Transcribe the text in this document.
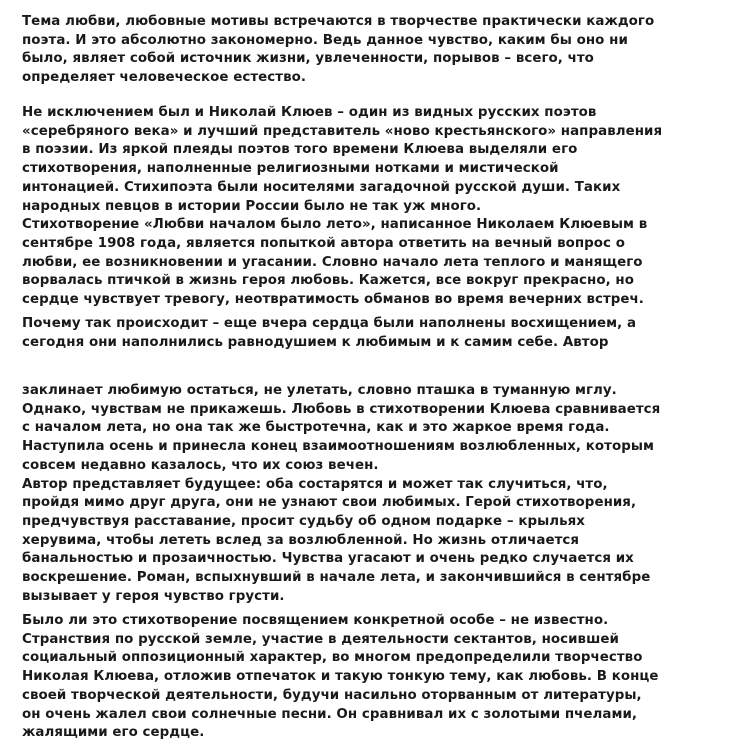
Тема любви, любовные мотивы встречаются в творчестве практически каждого
поэта. И это абсолютно закономерно. Ведь данное чувство, каким бы оно ни
было, являет собой источник жизни, увлеченности, порывов – всего, что
определяет человеческое естество.

Не исключением был и Николай Клюев – один из видных русских поэтов
«серебряного века» и лучший представитель «ново крестьянского» направления
в поэзии. Из яркой плеяды поэтов того времени Клюева выделяли его
стихотворения, наполненные религиозными нотками и мистической
интонацией. Стихипоэта были носителями загадочной русской души. Таких
народных певцов в истории России было не так уж много.
Стихотворение «Любви началом было лето», написанное Николаем Клюевым в
сентябре 1908 года, является попыткой автора ответить на вечный вопрос о
любви, ее возникновении и угасании. Словно начало лета теплого и манящего
ворвалась птичкой в жизнь героя любовь. Кажется, все вокруг прекрасно, но
сердце чувствует тревогу, неотвратимость обманов во время вечерних встреч.

Почему так происходит – еще вчера сердца были наполнены восхищением, а
сегодня они наполнились равнодушием к любимым и к самим себе. Автор

заклинает любимую остаться, не улетать, словно пташка в туманную мглу.
Однако, чувствам не прикажешь. Любовь в стихотворении Клюева сравнивается
с началом лета, но она так же быстротечна, как и это жаркое время года.
Наступила осень и принесла конец взаимоотношениям возлюбленных, которым
совсем недавно казалось, что их союз вечен.
Автор представляет будущее: оба состарятся и может так случиться, что,
пройдя мимо друг друга, они не узнают свои любимых. Герой стихотворения,
предчувствуя расставание, просит судьбу об одном подарке – крыльях
херувима, чтобы лететь вслед за возлюбленной. Но жизнь отличается
банальностью и прозаичностью. Чувства угасают и очень редко случается их
воскрешение. Роман, вспыхнувший в начале лета, и закончившийся в сентябре
вызывает у героя чувство грусти.

Было ли это стихотворение посвящением конкретной особе – не известно.
Странствия по русской земле, участие в деятельности сектантов, носившей
социальный оппозиционный характер, во многом предопределили творчество
Николая Клюева, отложив отпечаток и такую тонкую тему, как любовь. В конце
своей творческой деятельности, будучи насильно оторванным от литературы,
он очень жалел свои солнечные песни. Он сравнивал их с золотыми пчелами,
жалящими его сердце.
